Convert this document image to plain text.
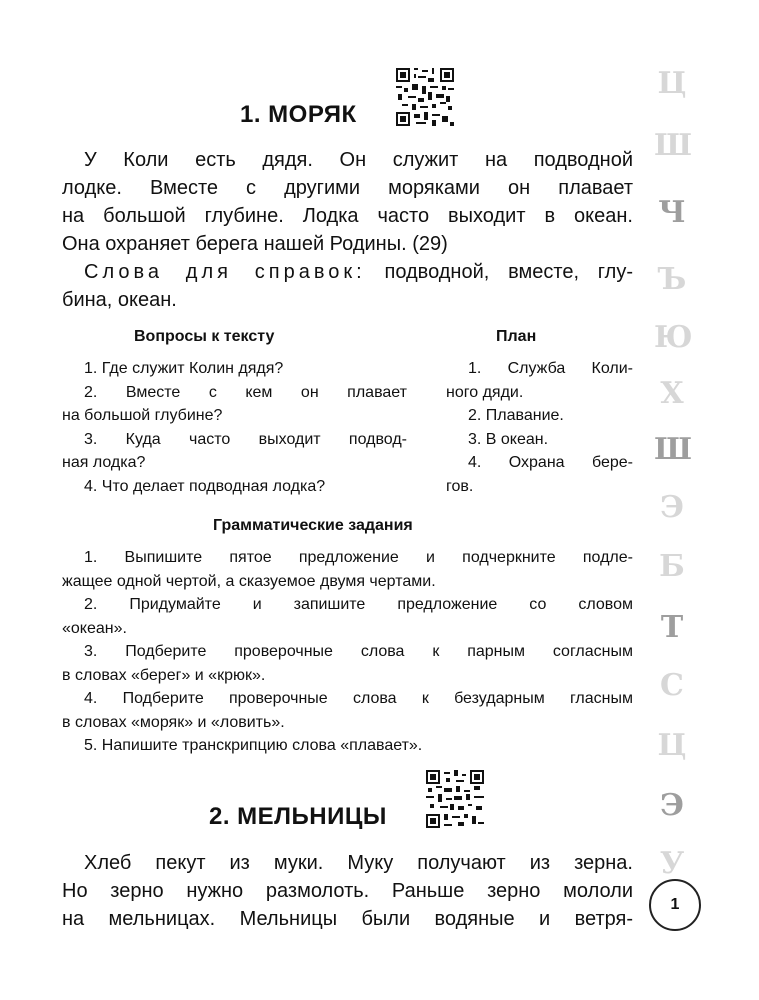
1. МОРЯК
У Коли есть дядя. Он служит на подводной
лодке. Вместе с другими моряками он плавает
на большой глубине. Лодка часто выходит в океан.
Она охраняет берега нашей Родины. (29)
Слова для справок: подводной, вместе, глу-
бина, океан.
Вопросы к тексту	План
1. Где служит Колин дядя?
2. Вместе с кем он плавает
на большой глубине?
3. Куда часто выходит подвод-
ная лодка?
4. Что делает подводная лодка?
1. Служба Коли-
ного дяди.
2. Плавание.
3. В океан.
4. Охрана бере-
гов.
Грамматические задания
1. Выпишите пятое предложение и подчеркните подле-
жащее одной чертой, а сказуемое двумя чертами.
2. Придумайте и запишите предложение со словом
«океан».
3. Подберите проверочные слова к парным согласным
в словах «берег» и «крюк».
4. Подберите проверочные слова к безударным гласным
в словах «моряк» и «ловить».
5. Напишите транскрипцию слова «плавает».
2. МЕЛЬНИЦЫ
Хлеб пекут из муки. Муку получают из зерна.
Но зерно нужно размолоть. Раньше зерно мололи
на мельницах. Мельницы были водяные и ветря-
Ц
Ш
Ч
Ъ
Ю
Х
Ш
Э
Б
Т
С
Ц
Э
У
1
